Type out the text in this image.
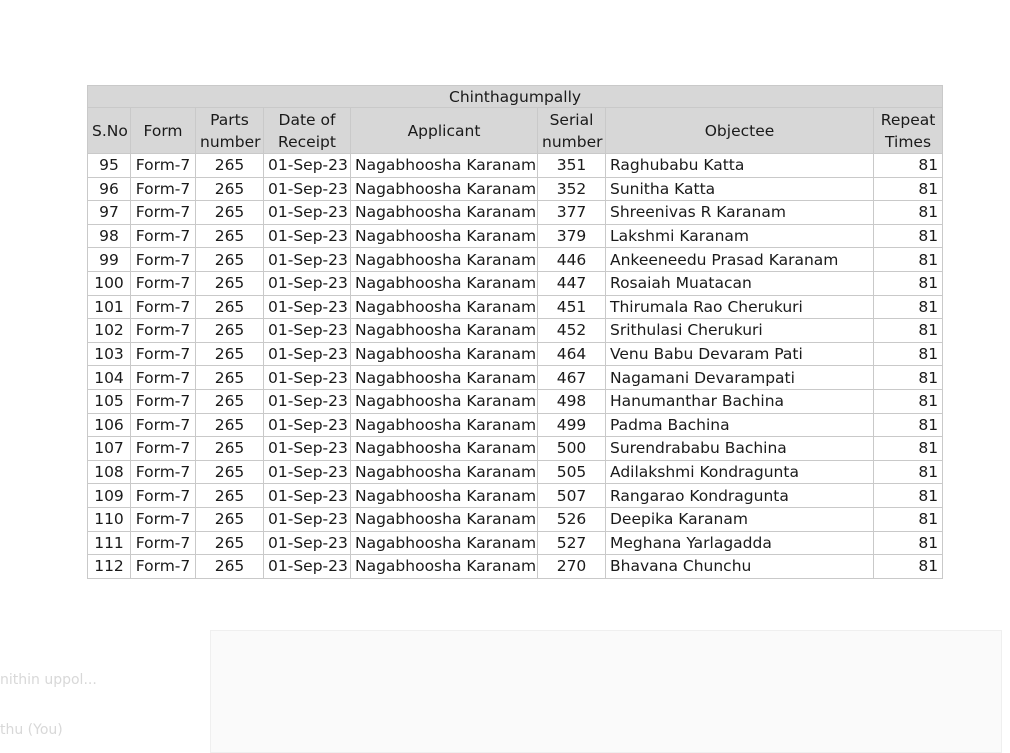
nithin uppol...
thu (You)
Chinthagumpally							
S.No	Form	Parts number	Date of Receipt	Applicant	Serial number	Objectee	Repeat Times
95	Form-7	265	01-Sep-23	Nagabhoosha Karanam	351	Raghubabu Katta	81
96	Form-7	265	01-Sep-23	Nagabhoosha Karanam	352	Sunitha Katta	81
97	Form-7	265	01-Sep-23	Nagabhoosha Karanam	377	Shreenivas R Karanam	81
98	Form-7	265	01-Sep-23	Nagabhoosha Karanam	379	Lakshmi Karanam	81
99	Form-7	265	01-Sep-23	Nagabhoosha Karanam	446	Ankeeneedu Prasad Karanam	81
100	Form-7	265	01-Sep-23	Nagabhoosha Karanam	447	Rosaiah Muatacan	81
101	Form-7	265	01-Sep-23	Nagabhoosha Karanam	451	Thirumala Rao Cherukuri	81
102	Form-7	265	01-Sep-23	Nagabhoosha Karanam	452	Srithulasi Cherukuri	81
103	Form-7	265	01-Sep-23	Nagabhoosha Karanam	464	Venu Babu Devaram Pati	81
104	Form-7	265	01-Sep-23	Nagabhoosha Karanam	467	Nagamani Devarampati	81
105	Form-7	265	01-Sep-23	Nagabhoosha Karanam	498	Hanumanthar Bachina	81
106	Form-7	265	01-Sep-23	Nagabhoosha Karanam	499	Padma Bachina	81
107	Form-7	265	01-Sep-23	Nagabhoosha Karanam	500	Surendrababu Bachina	81
108	Form-7	265	01-Sep-23	Nagabhoosha Karanam	505	Adilakshmi Kondragunta	81
109	Form-7	265	01-Sep-23	Nagabhoosha Karanam	507	Rangarao Kondragunta	81
110	Form-7	265	01-Sep-23	Nagabhoosha Karanam	526	Deepika Karanam	81
111	Form-7	265	01-Sep-23	Nagabhoosha Karanam	527	Meghana Yarlagadda	81
112	Form-7	265	01-Sep-23	Nagabhoosha Karanam	270	Bhavana Chunchu	81
